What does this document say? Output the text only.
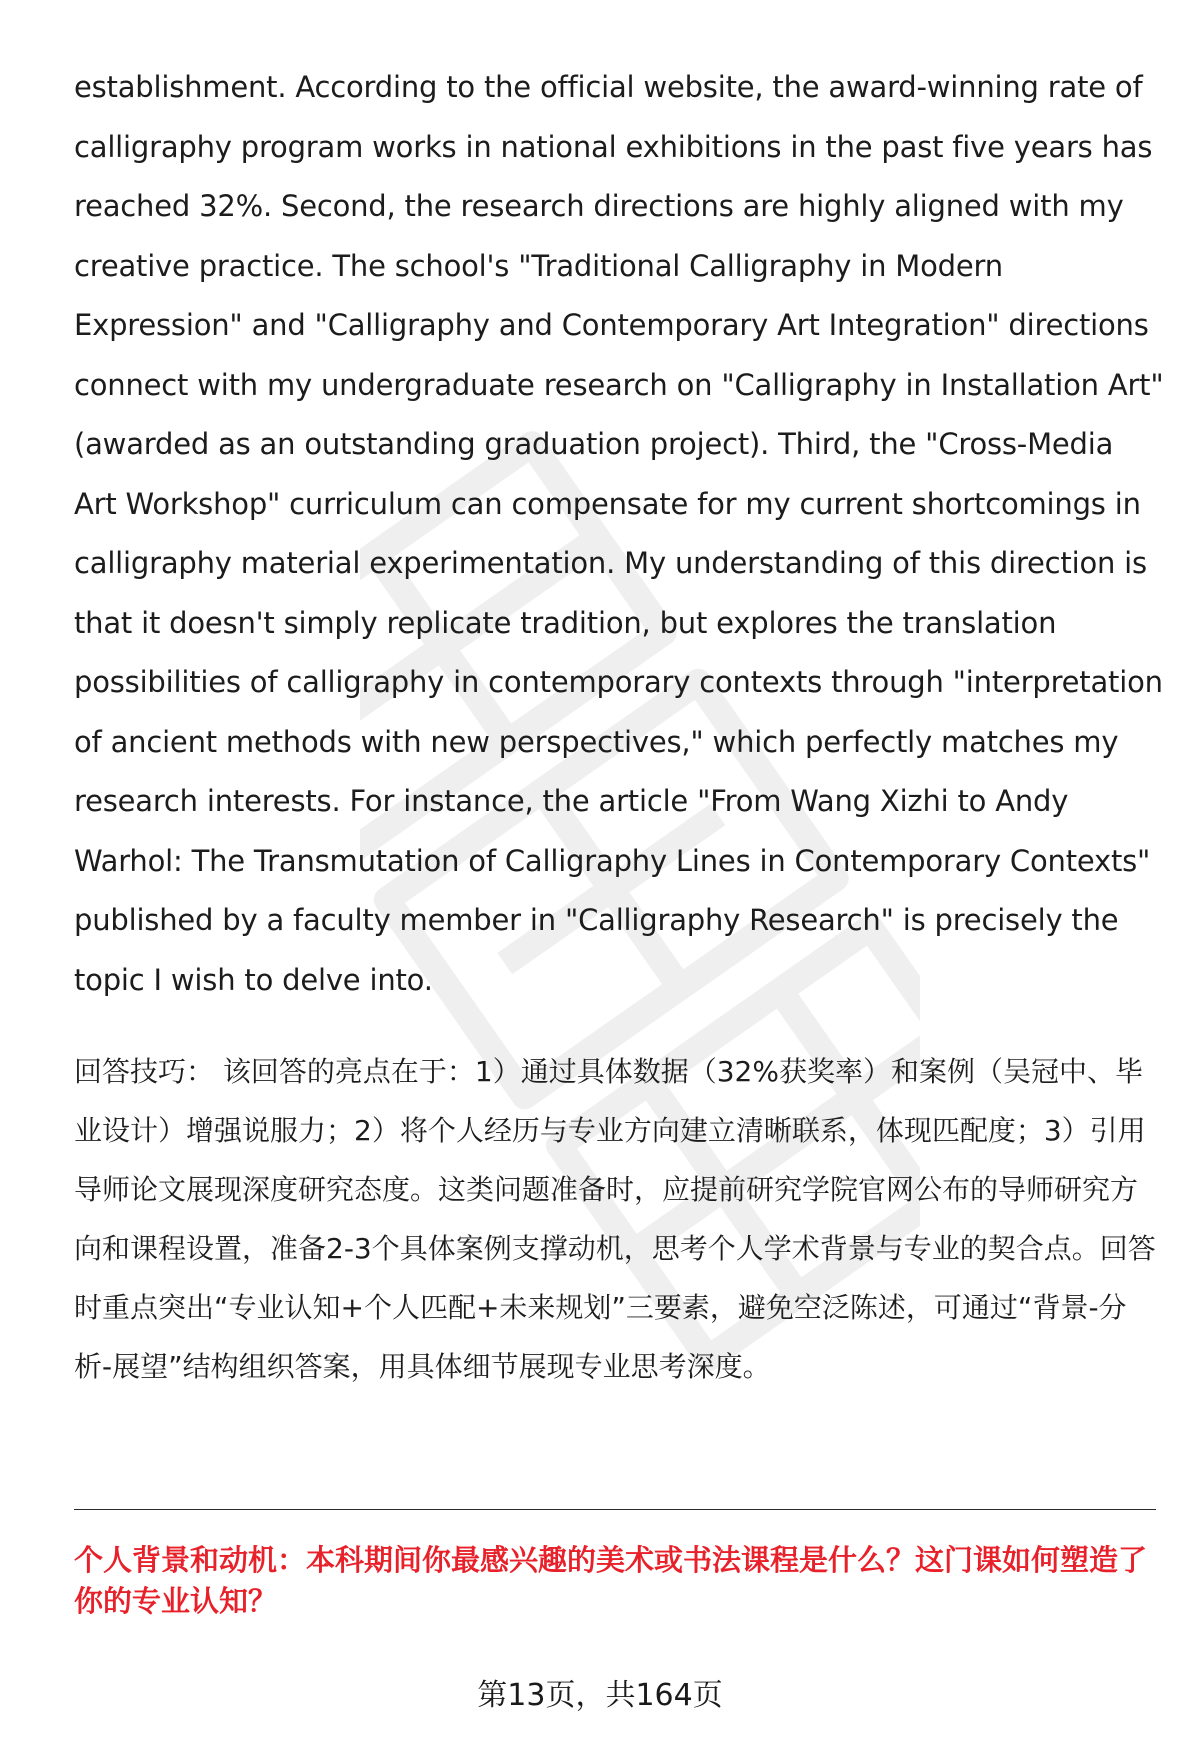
establishment. According to the official website, the award-winning rate of calligraphy program works in national exhibitions in the past five years has reached 32%. Second, the research directions are highly aligned with my creative practice. The school's "Traditional Calligraphy in Modern Expression" and "Calligraphy and Contemporary Art Integration" directions connect with my undergraduate research on "Calligraphy in Installation Art" (awarded as an outstanding graduation project). Third, the "Cross-Media Art Workshop" curriculum can compensate for my current shortcomings in calligraphy material experimentation. My understanding of this direction is that it doesn't simply replicate tradition, but explores the translation possibilities of calligraphy in contemporary contexts through "interpretation of ancient methods with new perspectives," which perfectly matches my research interests. For instance, the article "From Wang Xizhi to Andy Warhol: The Transmutation of Calligraphy Lines in Contemporary Contexts" published by a faculty member in "Calligraphy Research" is precisely the topic I wish to delve into.

回答技巧： 该回答的亮点在于：1）通过具体数据（32%获奖率）和案例（吴冠中、毕业设计）增强说服力；2）将个人经历与专业方向建立清晰联系，体现匹配度；3）引用导师论文展现深度研究态度。这类问题准备时，应提前研究学院官网公布的导师研究方向和课程设置，准备2-3个具体案例支撑动机，思考个人学术背景与专业的契合点。回答时重点突出“专业认知+个人匹配+未来规划”三要素，避免空泛陈述，可通过“背景-分析-展望”结构组织答案，用具体细节展现专业思考深度。

个人背景和动机：本科期间你最感兴趣的美术或书法课程是什么？这门课如何塑造了你的专业认知？
第13页，共164页
